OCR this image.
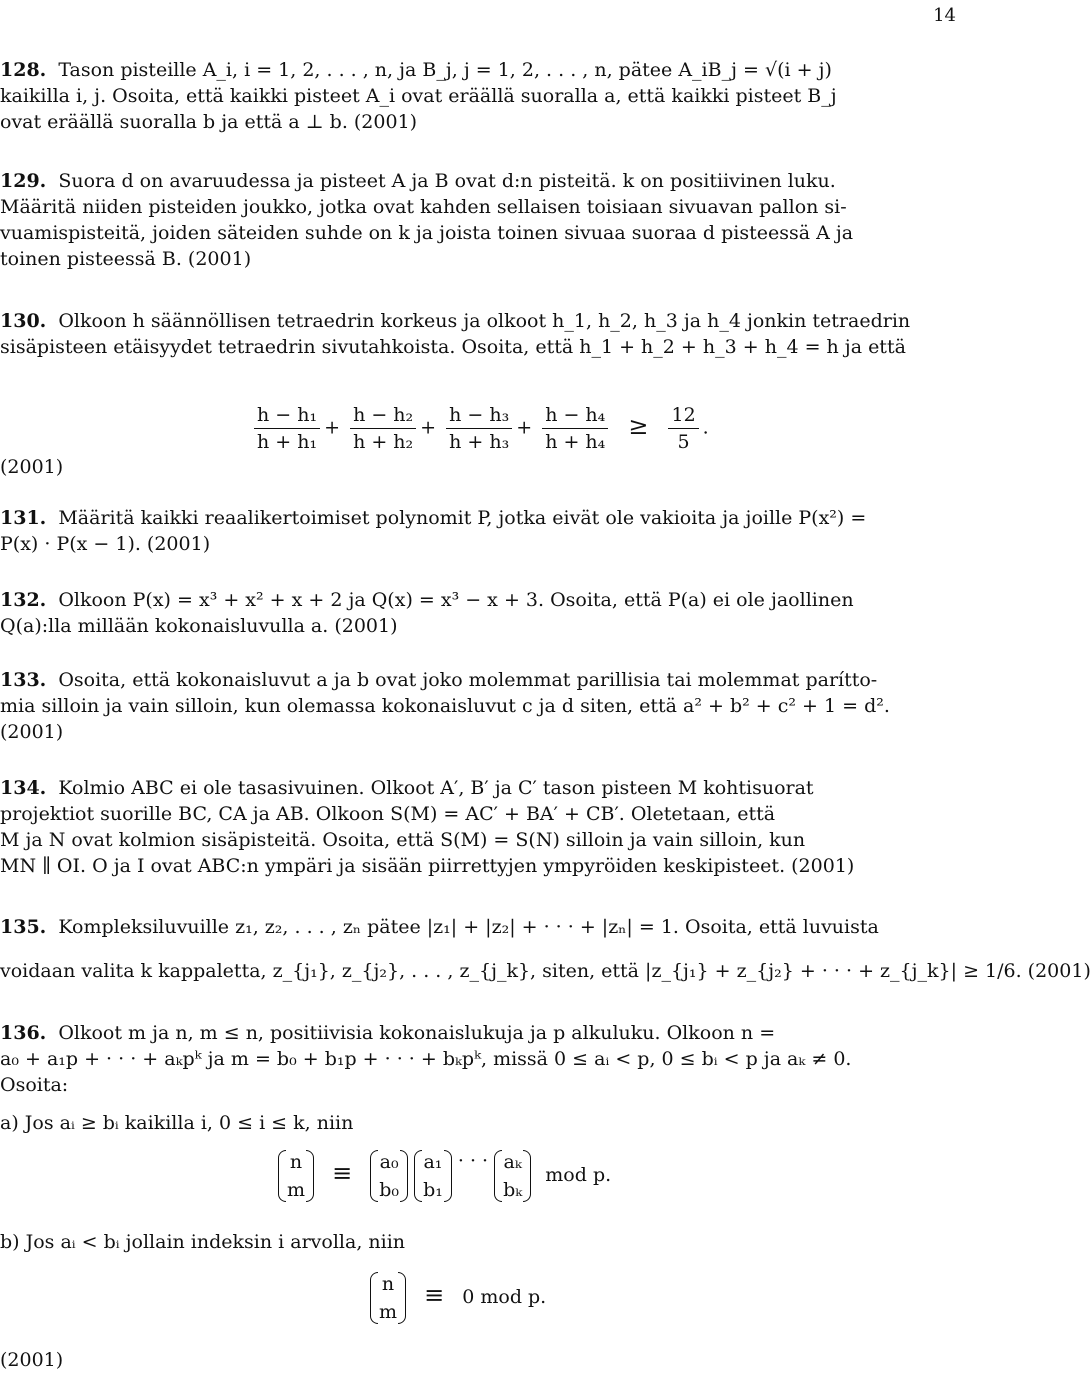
14
128. Tason pisteille A_i, i = 1, 2, . . . , n, ja B_j, j = 1, 2, . . . , n, pätee A_iB_j = √(i + j)
kaikilla i, j. Osoita, että kaikki pisteet A_i ovat eräällä suoralla a, että kaikki pisteet B_j
ovat eräällä suoralla b ja että a ⊥ b. (2001)
129. Suora d on avaruudessa ja pisteet A ja B ovat d:n pisteitä. k on positiivinen luku.
Määritä niiden pisteiden joukko, jotka ovat kahden sellaisen toisiaan sivuavan pallon si-
vuamispisteitä, joiden säteiden suhde on k ja joista toinen sivuaa suoraa d pisteessä A ja
toinen pisteessä B. (2001)
130. Olkoon h säännöllisen tetraedrin korkeus ja olkoot h_1, h_2, h_3 ja h_4 jonkin tetraedrin
sisäpisteen etäisyydet tetraedrin sivutahkoista. Osoita, että h_1 + h_2 + h_3 + h_4 = h ja että
$\frac{\text{h − h₁}}{\text{h + h₁}} + \frac{\text{h − h₂}}{\text{h + h₂}} + \frac{\text{h − h₃}}{\text{h + h₃}} + \frac{\text{h − h₄}}{\text{h + h₄}} \ge \frac{12}{5}$ .
(2001)
131. Määritä kaikki reaalikertoimiset polynomit P, jotka eivät ole vakioita ja joille P(x²) =
P(x) · P(x − 1). (2001)
132. Olkoon P(x) = x³ + x² + x + 2 ja Q(x) = x³ − x + 3. Osoita, että P(a) ei ole jaollinen
Q(a):lla millään kokonaisluvulla a. (2001)
133. Osoita, että kokonaisluvut a ja b ovat joko molemmat parillisia tai molemmat parítto-
mia silloin ja vain silloin, kun olemassa kokonaisluvut c ja d siten, että a² + b² + c² + 1 = d².
(2001)
134. Kolmio ABC ei ole tasasivuinen. Olkoot A′, B′ ja C′ tason pisteen M kohtisuorat
projektiot suorille BC, CA ja AB. Olkoon S(M) = AC′ + BA′ + CB′. Oletetaan, että
M ja N ovat kolmion sisäpisteitä. Osoita, että S(M) = S(N) silloin ja vain silloin, kun
MN ∥ OI. O ja I ovat ABC:n ympäri ja sisään piirrettyjen ympyröiden keskipisteet. (2001)
135. Kompleksiluvuille z₁, z₂, . . . , zₙ pätee |z₁| + |z₂| + · · · + |zₙ| = 1. Osoita, että luvuista
voidaan valita k kappaletta, z_{j₁}, z_{j₂}, . . . , z_{j_k}, siten, että |z_{j₁} + z_{j₂} + · · · + z_{j_k}| ≥ 1/6. (2001)
136. Olkoot m ja n, m ≤ n, positiivisia kokonaislukuja ja p alkuluku. Olkoon n =
a₀ + a₁p + · · · + aₖpᵏ ja m = b₀ + b₁p + · · · + bₖpᵏ, missä 0 ≤ aᵢ < p, 0 ≤ bᵢ < p ja aₖ ≠ 0.
Osoita:
a) Jos aᵢ ≥ bᵢ kaikilla i, 0 ≤ i ≤ k, niin
n
m
≡ a₀
b₀

a₁
b₁
· · · aₖ
bₖ
mod p.
b) Jos aᵢ < bᵢ jollain indeksin i arvolla, niin
n
m
≡ 0 mod p.
(2001)
